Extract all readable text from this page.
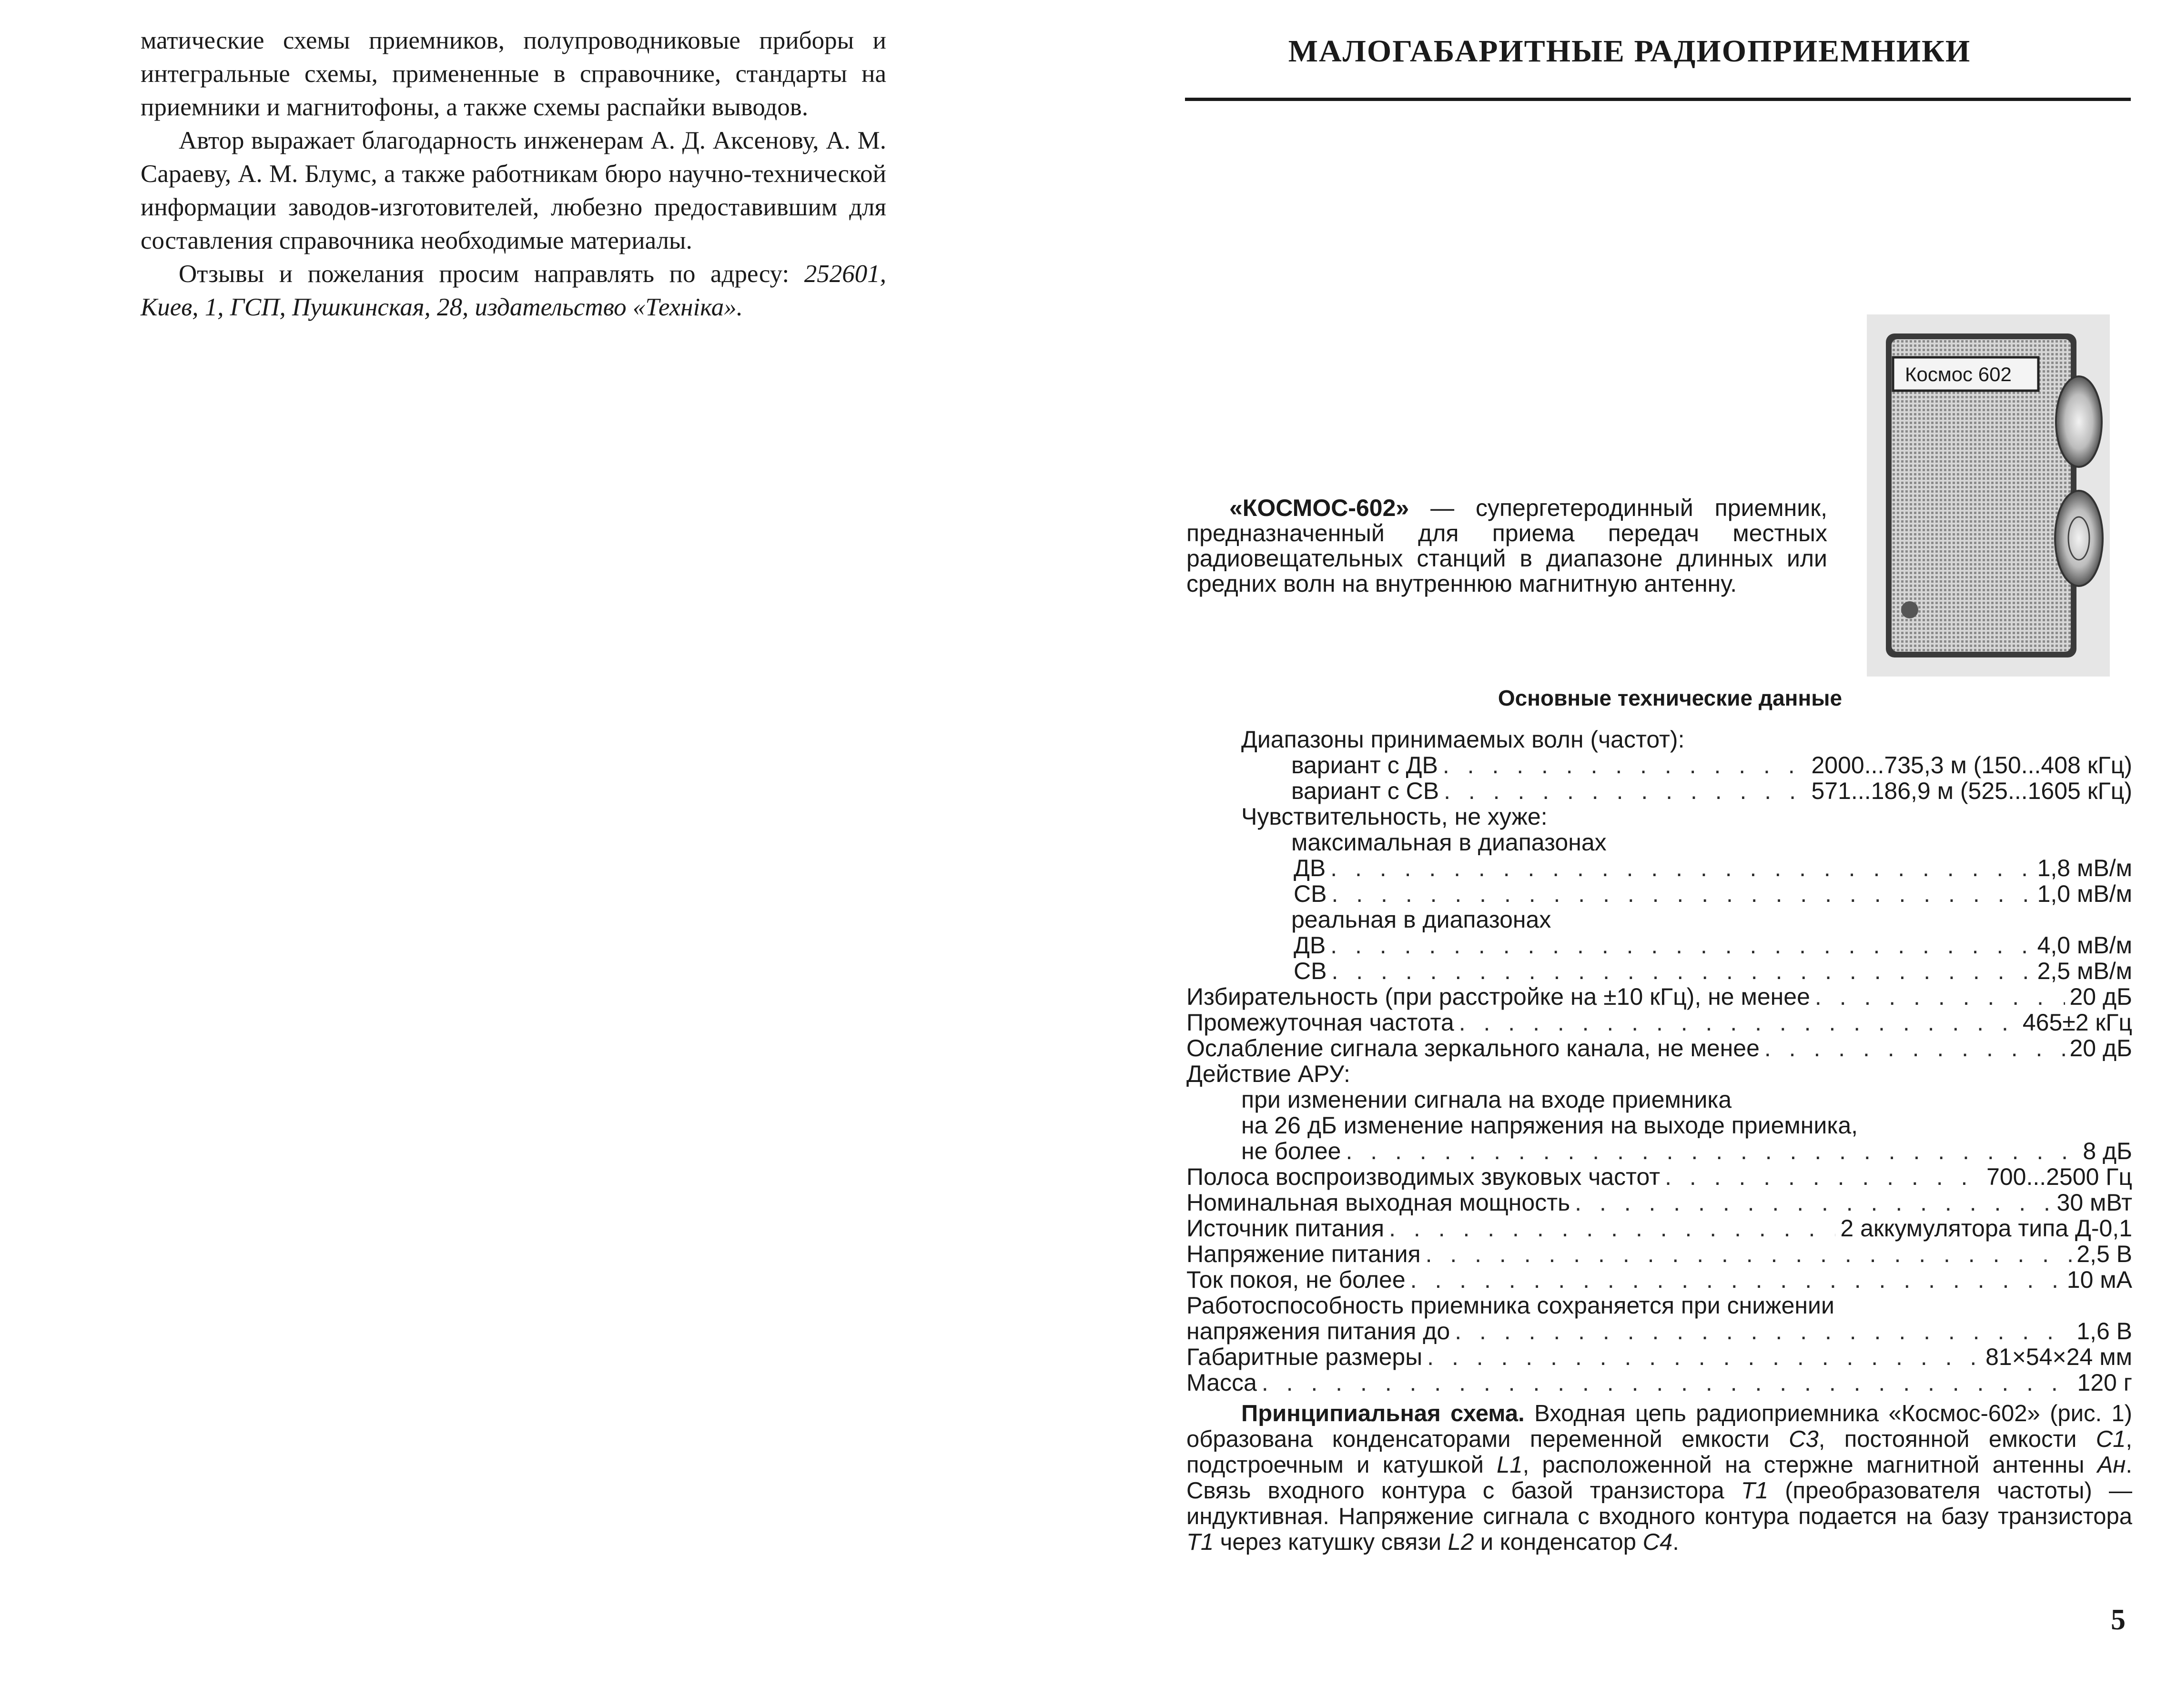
матические схемы приемников, полупроводниковые приборы и интегральные схемы, примененные в справочнике, стандарты на приемники и магнитофоны, а также схемы распайки выводов.

Автор выражает благодарность инженерам А. Д. Аксенову, А. М. Сараеву, А. М. Блумс, а также работникам бюро научно-технической информации заводов-изготовителей, любезно предоставившим для составления справочника необходимые материалы.

Отзывы и пожелания просим направлять по адресу: 252601, Киев, 1, ГСП, Пушкинская, 28, издательство «Техніка».

МАЛОГАБАРИТНЫЕ РАДИОПРИЕМНИКИ
Космос 602

«КОСМОС-602» — супергетеродинный приемник, предназначенный для приема передач местных радиовещательных станций в диапазоне длинных или средних волн на внутреннюю магнитную антенну.

Основные технические данные
Диапазоны принимаемых волн (частот):
вариант с ДВ . . .	2000...735,3 м (150...408 кГц)
вариант с СВ . . .	571...186,9 м (525...1605 кГц)
Чувствительность, не хуже:
максимальная в диапазонах
ДВ . . .	1,8 мВ/м
СВ . . .	1,0 мВ/м
реальная в диапазонах
ДВ . . .	4,0 мВ/м
СВ . . .	2,5 мВ/м
Избирательность (при расстройке на ±10 кГц), не менее . . .	20 дБ
Промежуточная частота . . .	465±2 кГц
Ослабление сигнала зеркального канала, не менее . . .	20 дБ
Действие АРУ:
при изменении сигнала на входе приемника
на 26 дБ изменение напряжения на выходе приемника,
не более . . .	8 дБ
Полоса воспроизводимых звуковых частот . . .	700...2500 Гц
Номинальная выходная мощность . . .	30 мВт
Источник питания . . .	2 аккумулятора типа Д-0,1
Напряжение питания . . .	2,5 В
Ток покоя, не более . . .	10 мА
Работоспособность приемника сохраняется при снижении
напряжения питания до . . .	1,6 В
Габаритные размеры . . .	81×54×24 мм
Масса . . .	120 г

Принципиальная схема. Входная цепь радиоприемника «Космос-602» (рис. 1) образована конденсаторами переменной емкости C3, постоянной емкости C1, подстроечным и катушкой L1, расположенной на стержне магнитной антенны Ан. Связь входного контура с базой транзистора T1 (преобразователя частоты) — индуктивная. Напряжение сигнала с входного контура подается на базу транзистора T1 через катушку связи L2 и конденсатор C4.

5
